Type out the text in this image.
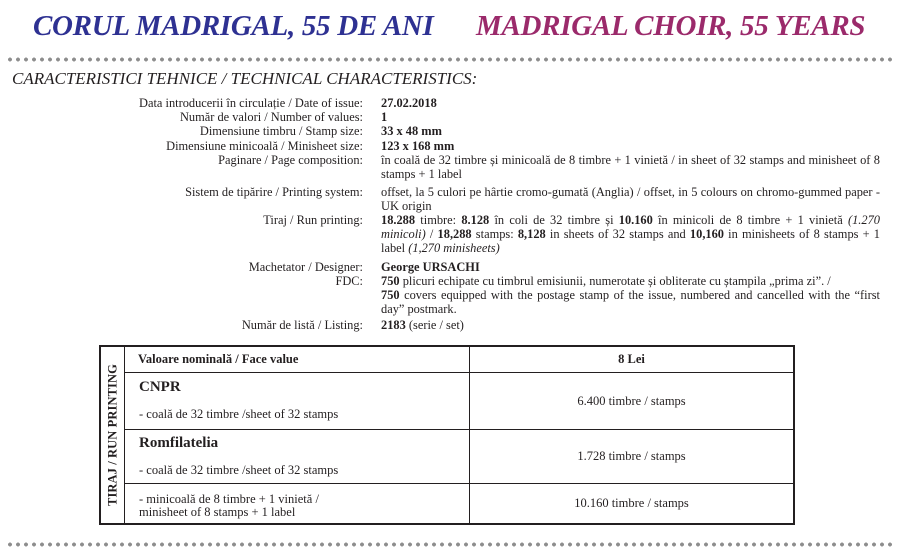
CORUL MADRIGAL, 55 DE ANI MADRIGAL CHOIR, 55 YEARS
CARACTERISTICI TEHNICE / TECHNICAL CHARACTERISTICS:
Data introducerii în circulație / Date of issue: 27.02.2018
Număr de valori / Number of values: 1
Dimensiune timbru / Stamp size: 33 x 48 mm
Dimensiune minicoală / Minisheet size: 123 x 168 mm
Paginare / Page composition: în coală de 32 timbre și minicoală de 8 timbre + 1 vinietă / in sheet of 32 stamps and minisheet of 8 stamps + 1 label
Sistem de tipărire / Printing system: offset, la 5 culori pe hârtie cromo-gumată (Anglia) / offset, in 5 colours on chromo-gummed paper - UK origin
Tiraj / Run printing: 18.288 timbre: 8.128 în coli de 32 timbre și 10.160 în minicoli de 8 timbre + 1 vinietă (1.270 minicoli) / 18,288 stamps: 8,128 in sheets of 32 stamps and 10,160 in minisheets of 8 stamps + 1 label (1,270 minisheets)
Machetator / Designer: George URSACHI
FDC: 750 plicuri echipate cu timbrul emisiunii, numerotate și obliterate cu ștampila „prima zi”. /
750 covers equipped with the postage stamp of the issue, numbered and cancelled with the “first day” postmark.
Număr de listă / Listing: 2183 (serie / set)
TIRAJ / RUN PRINTING
Valoare nominală / Face value	8 Lei
CNPR
- coală de 32 timbre /sheet of 32 stamps
6.400 timbre / stamps
Romfilatelia
- coală de 32 timbre /sheet of 32 stamps
1.728 timbre / stamps
- minicoală de 8 timbre + 1 vinietă /
minisheet of 8 stamps + 1 label
10.160 timbre / stamps
